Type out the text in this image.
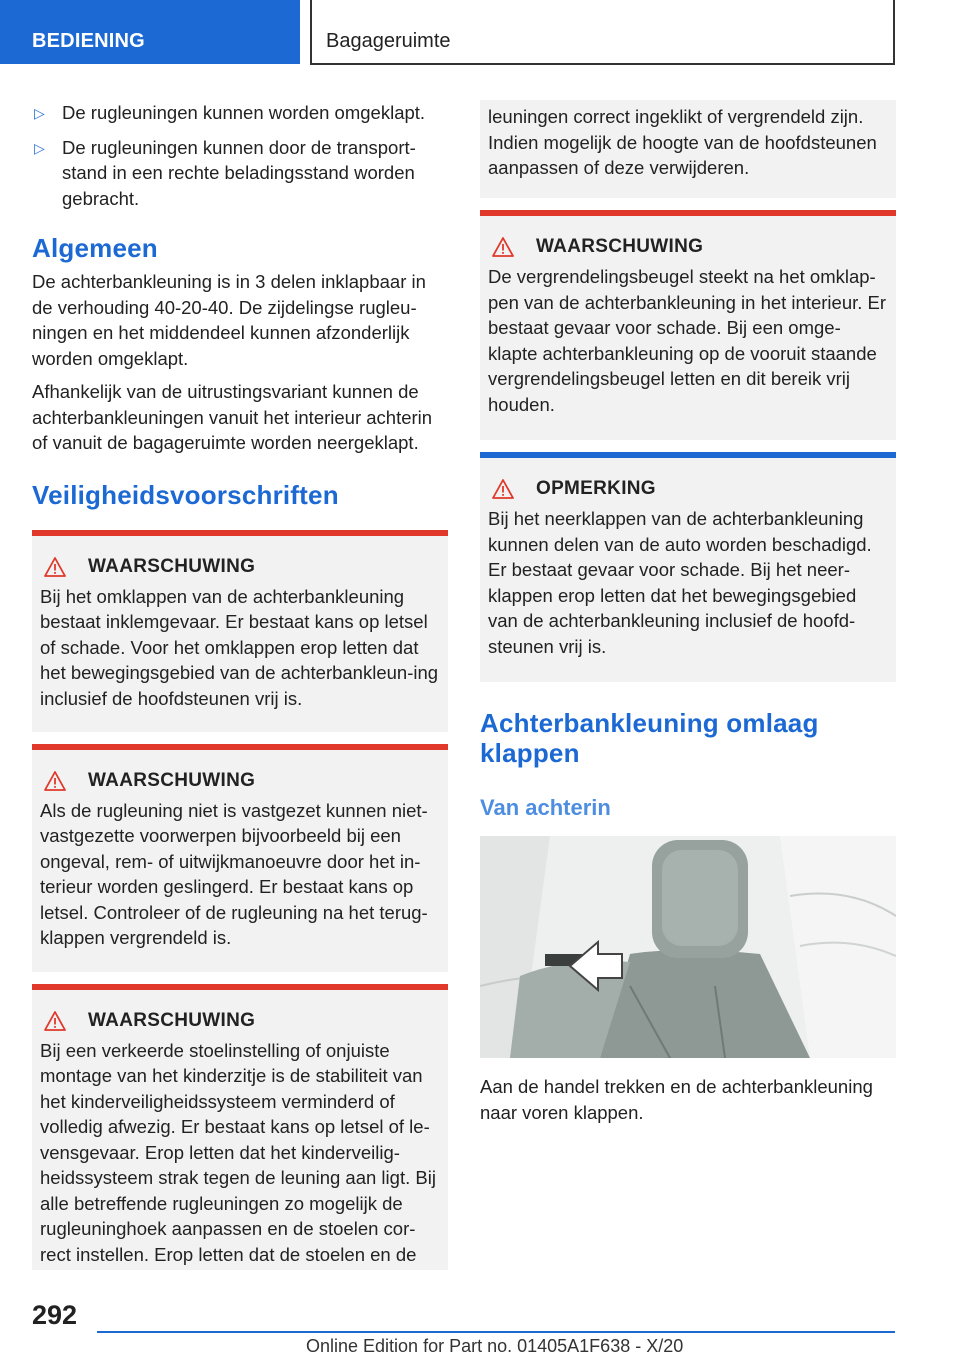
BEDIENING	Bagageruimte
▷ De rugleuningen kunnen worden omgeklapt.
▷ De rugleuningen kunnen door de transport-stand in een rechte beladingsstand worden gebracht.
Algemeen

De achterbankleuning is in 3 delen inklapbaar in de verhouding 40-20-40. De zijdelingse rugleu-ningen en het middendeel kunnen afzonderlijk worden omgeklapt.

Afhankelijk van de uitrustingsvariant kunnen de achterbankleuningen vanuit het interieur achterin of vanuit de bagageruimte worden neergeklapt.

Veiligheidsvoorschriften
WAARSCHUWING

Bij het omklappen van de achterbankleuning bestaat inklemgevaar. Er bestaat kans op letsel of schade. Voor het omklappen erop letten dat het bewegingsgebied van de achterbankleun-ing inclusief de hoofdsteunen vrij is.

WAARSCHUWING

Als de rugleuning niet is vastgezet kunnen niet-vastgezette voorwerpen bijvoorbeeld bij een ongeval, rem- of uitwijkmanoeuvre door het in-terieur worden geslingerd. Er bestaat kans op letsel. Controleer of de rugleuning na het terug-klappen vergrendeld is.

WAARSCHUWING

Bij een verkeerde stoelinstelling of onjuiste montage van het kinderzitje is de stabiliteit van het kinderveiligheidssysteem verminderd of volledig afwezig. Er bestaat kans op letsel of le-vensgevaar. Erop letten dat het kinderveilig-heidssysteem strak tegen de leuning aan ligt. Bij alle betreffende rugleuningen zo mogelijk de rugleuninghoek aanpassen en de stoelen cor-rect instellen. Erop letten dat de stoelen en de

leuningen correct ingeklikt of vergrendeld zijn. Indien mogelijk de hoogte van de hoofdsteunen aanpassen of deze verwijderen.

WAARSCHUWING

De vergrendelingsbeugel steekt na het omklap-pen van de achterbankleuning in het interieur. Er bestaat gevaar voor schade. Bij een omge-klapte achterbankleuning op de vooruit staande vergrendelingsbeugel letten en dit bereik vrij houden.

OPMERKING

Bij het neerklappen van de achterbankleuning kunnen delen van de auto worden beschadigd. Er bestaat gevaar voor schade. Bij het neer-klappen erop letten dat het bewegingsgebied van de achterbankleuning inclusief de hoofd-steunen vrij is.

Achterbankleuning omlaag klappen
Van achterin

Aan de handel trekken en de achterbankleuning naar voren klappen.

292
Online Edition for Part no. 01405A1F638 - X/20
